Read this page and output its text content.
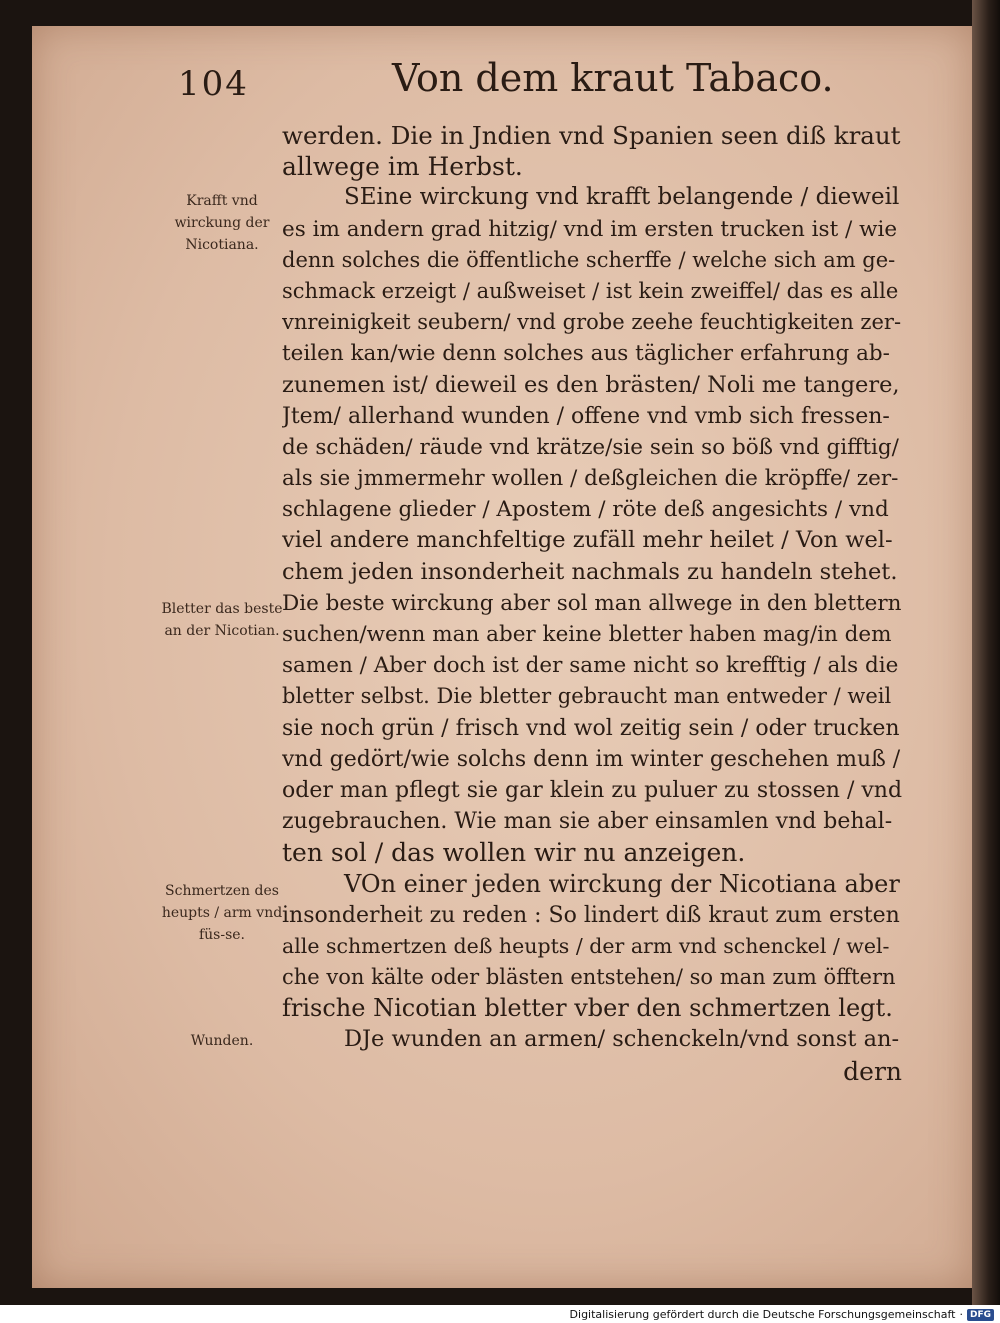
104	Von dem kraut Tabaco.
Krafft vnd wirckung der Nicotiana.
Bletter das beste an der Nicotian.
Schmertzen des heupts / arm vnd füs-se.
Wunden.
werden. Die in Jndien vnd Spanien seen diß kraut
allwege im Herbst.
SEine wirckung vnd krafft belangende / dieweil
es im andern grad hitzig/ vnd im ersten trucken ist / wie
denn solches die öffentliche scherffe / welche sich am ge-
schmack erzeigt / außweiset / ist kein zweiffel/ das es alle
vnreinigkeit seubern/ vnd grobe zeehe feuchtigkeiten zer-
teilen kan/wie denn solches aus täglicher erfahrung ab-
zunemen ist/ dieweil es den brästen/ Noli me tangere,
Jtem/ allerhand wunden / offene vnd vmb sich fressen-
de schäden/ räude vnd krätze/sie sein so böß vnd gifftig/
als sie jmmermehr wollen / deßgleichen die kröpffe/ zer-
schlagene glieder / Apostem / röte deß angesichts / vnd
viel andere manchfeltige zufäll mehr heilet / Von wel-
chem jeden insonderheit nachmals zu handeln stehet.
Die beste wirckung aber sol man allwege in den blettern
suchen/wenn man aber keine bletter haben mag/in dem
samen / Aber doch ist der same nicht so krefftig / als die
bletter selbst. Die bletter gebraucht man entweder / weil
sie noch grün / frisch vnd wol zeitig sein / oder trucken
vnd gedört/wie solchs denn im winter geschehen muß /
oder man pflegt sie gar klein zu puluer zu stossen / vnd
zugebrauchen. Wie man sie aber einsamlen vnd behal-
ten sol / das wollen wir nu anzeigen.
VOn einer jeden wirckung der Nicotiana aber
insonderheit zu reden : So lindert diß kraut zum ersten
alle schmertzen deß heupts / der arm vnd schenckel / wel-
che von kälte oder blästen entstehen/ so man zum öfftern
frische Nicotian bletter vber den schmertzen legt.
DJe wunden an armen/ schenckeln/vnd sonst an-
dern
Digitalisierung gefördert durch die Deutsche Forschungsgemeinschaft · DFG
